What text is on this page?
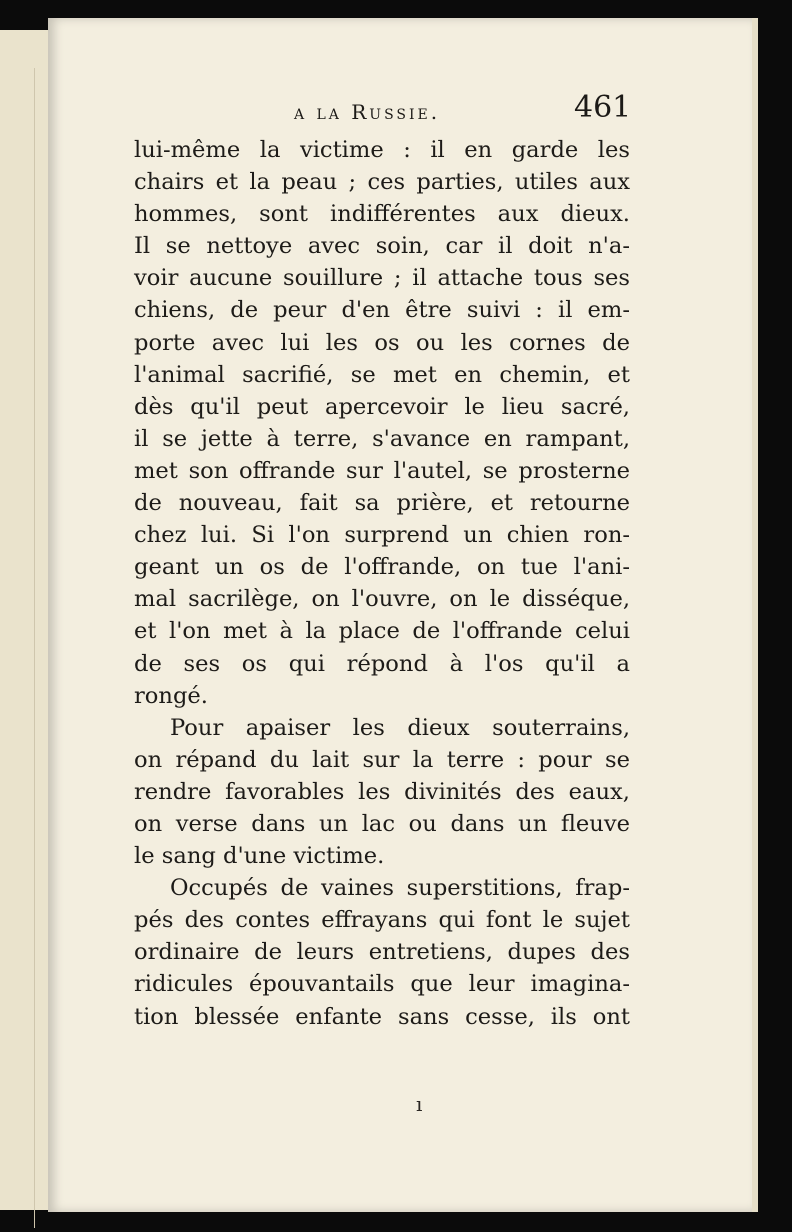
a la Russie.	461
lui-même la victime : il en garde les
chairs et la peau ; ces parties, utiles aux
hommes, sont indifférentes aux dieux.
Il se nettoye avec soin, car il doit n'a-
voir aucune souillure ; il attache tous ses
chiens, de peur d'en être suivi : il em-
porte avec lui les os ou les cornes de
l'animal sacrifié, se met en chemin, et
dès qu'il peut apercevoir le lieu sacré,
il se jette à terre, s'avance en rampant,
met son offrande sur l'autel, se prosterne
de nouveau, fait sa prière, et retourne
chez lui. Si l'on surprend un chien ron-
geant un os de l'offrande, on tue l'ani-
mal sacrilège, on l'ouvre, on le disséque,
et l'on met à la place de l'offrande celui
de ses os qui répond à l'os qu'il a
rongé.
Pour apaiser les dieux souterrains,
on répand du lait sur la terre : pour se
rendre favorables les divinités des eaux,
on verse dans un lac ou dans un fleuve
le sang d'une victime.
Occupés de vaines superstitions, frap-
pés des contes effrayans qui font le sujet
ordinaire de leurs entretiens, dupes des
ridicules épouvantails que leur imagina-
tion blessée enfante sans cesse, ils ont
ı
